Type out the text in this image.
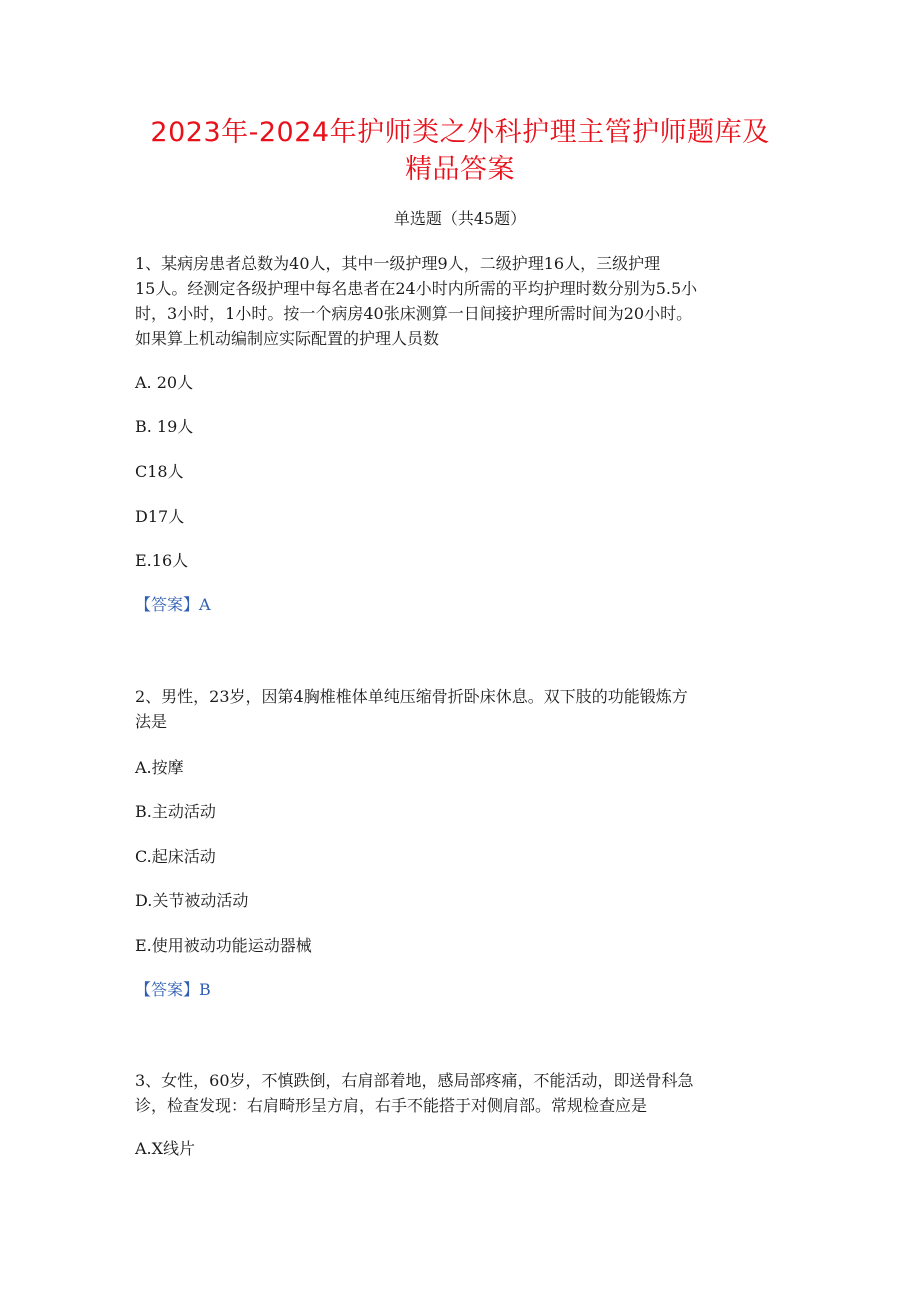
2023年-2024年护师类之外科护理主管护师题库及
精品答案
单选题（共45题）
1、某病房患者总数为40人，其中一级护理9人，二级护理16人，三级护理
15人。经测定各级护理中每名患者在24小时内所需的平均护理时数分别为5.5小
时，3小时，1小时。按一个病房40张床测算一日间接护理所需时间为20小时。
如果算上机动编制应实际配置的护理人员数
A. 20人
B. 19人
C18人
D17人
E.16人
【答案】A
2、男性，23岁，因第4胸椎椎体单纯压缩骨折卧床休息。双下肢的功能锻炼方
法是
A.按摩
B.主动活动
C.起床活动
D.关节被动活动
E.使用被动功能运动器械
【答案】B
3、女性，60岁，不慎跌倒，右肩部着地，感局部疼痛，不能活动，即送骨科急
诊，检查发现：右肩畸形呈方肩，右手不能搭于对侧肩部。常规检查应是
A.X线片
